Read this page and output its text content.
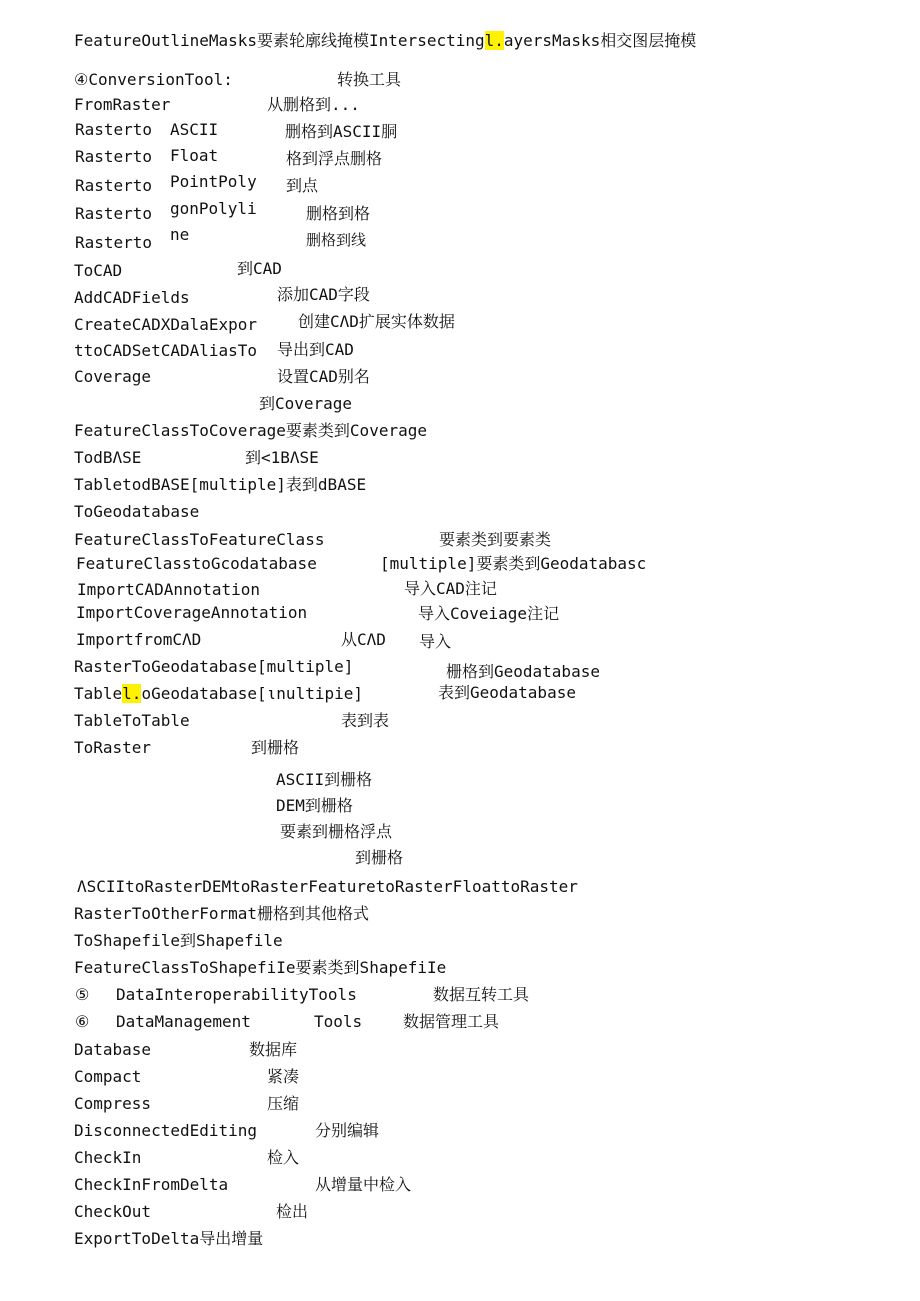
FeatureOutlineMasks要素轮廓线掩模Intersectingl.ayersMasks相交图层掩模
④ConversionTool:	转换工具
FromRaster	从删格到...
Rasterto ASCII	删格到ASCII胴
Rasterto Float	格到浮点删格
Rasterto PointPoly 到点
Rasterto gonPolyli	删格到格
Rasterto ne	删格到线
ToCAD	到CAD
AddCADFields	添加CAD字段
CreateCADXDalaExpor	创建CΛD扩展实体数据
ttoCADSetCADAliasTo 导出到CAD
Coverage	设置CAD别名
到Coverage
FeatureClassToCoverage要素类到Coverage
TodBΛSE	到<1BΛSE
TabletodBASE[multiple]表到dBASE
ToGeodatabase
FeatureClassToFeatureClass	要素类到要素类
FeatureClasstoGcodatabase	[multiple]要素类到Geodatabasc
ImportCADAnnotation	导入CAD注记
ImportCoverageAnnotation	导入Coveiage注记
ImportfromCΛD	从CΛD 导入
RasterToGeodatabase[multiple]	栅格到Geodatabase
Tablel.oGeodatabase[ιnultipie]	表到Geodatabase
TableToTable	表到表
ToRaster	到栅格
ASCII到栅格
DEM到栅格
要素到栅格浮点
到栅格
ΛSCIItoRasterDEMtoRasterFeaturetoRasterFloattoRaster
RasterToOtherFormat栅格到其他格式
ToShapefile到Shapefile
FeatureClassToShapefiIe要素类到ShapefiIe
⑤ DataInteroperabilityTools	数据互转工具
⑥ DataManagement	Tools	数据管理工具
Database	数据库
Compact	紧凑
Compress	压缩
DisconnectedEditing	分别编辑
CheckIn	检入
CheckInFromDelta	从增量中检入
CheckOut	检出
ExportToDelta导出增量
